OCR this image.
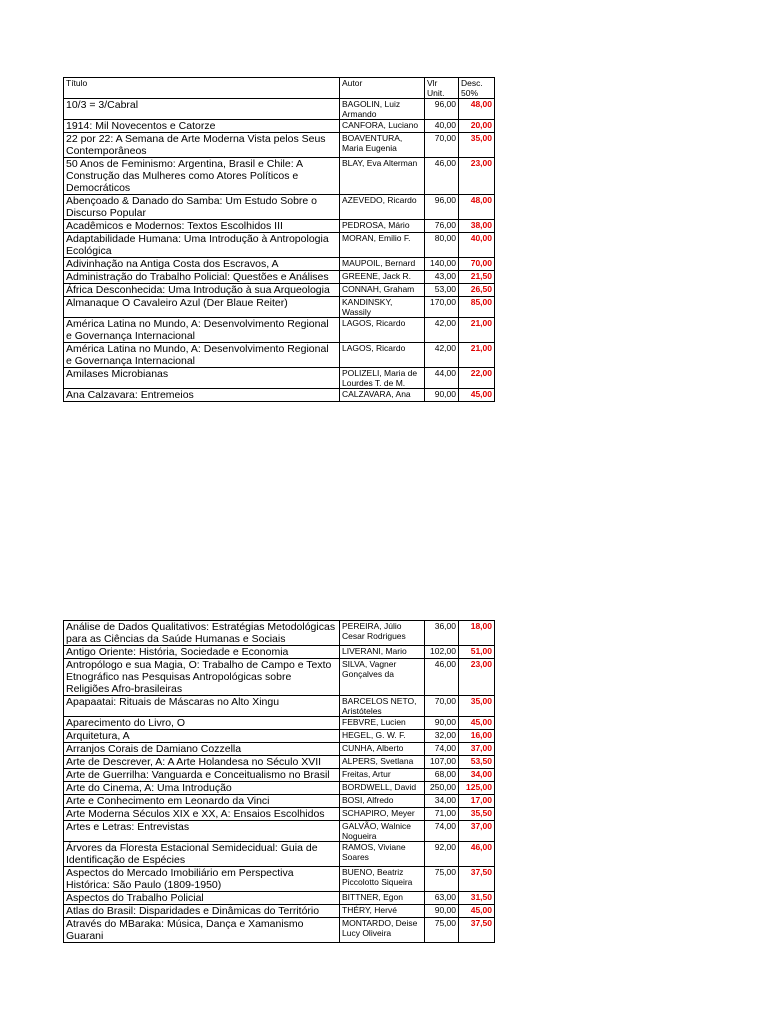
Título	Autor	Vlr Unit.	Desc. 50%
10/3 = 3/Cabral	BAGOLIN, Luiz Armando	96,00	48,00
1914: Mil Novecentos e Catorze	CANFORA, Luciano	40,00	20,00
22 por 22: A Semana de Arte Moderna Vista pelos Seus Contemporâneos	BOAVENTURA, Maria Eugenia	70,00	35,00
50 Anos de Feminismo: Argentina, Brasil e Chile: A Construção das Mulheres como Atores Políticos e Democráticos	BLAY, Eva Alterman	46,00	23,00
Abençoado & Danado do Samba: Um Estudo Sobre o Discurso Popular	AZEVEDO, Ricardo	96,00	48,00
Acadêmicos e Modernos: Textos Escolhidos III	PEDROSA, Mário	76,00	38,00
Adaptabilidade Humana: Uma Introdução à Antropologia Ecológica	MORAN, Emilio F.	80,00	40,00
Adivinhação na Antiga Costa dos Escravos, A	MAUPOIL, Bernard	140,00	70,00
Administração do Trabalho Policial: Questões e Análises	GREENE, Jack R.	43,00	21,50
África Desconhecida: Uma Introdução à sua Arqueologia	CONNAH, Graham	53,00	26,50
Almanaque O Cavaleiro Azul (Der Blaue Reiter)	KANDINSKY, Wassily	170,00	85,00
América Latina no Mundo, A: Desenvolvimento Regional e Governança Internacional	LAGOS, Ricardo	42,00	21,00
América Latina no Mundo, A: Desenvolvimento Regional e Governança Internacional	LAGOS, Ricardo	42,00	21,00
Amilases Microbianas	POLIZELI, Maria de Lourdes T. de M.	44,00	22,00
Ana Calzavara: Entremeios	CALZAVARA, Ana	90,00	45,00
Análise de Dados Qualitativos: Estratégias Metodológicas para as Ciências da Saúde Humanas e Sociais	PEREIRA, Júlio Cesar Rodrigues	36,00	18,00
Antigo Oriente: História, Sociedade e Economia	LIVERANI, Mario	102,00	51,00
Antropólogo e sua Magia, O: Trabalho de Campo e Texto Etnográfico nas Pesquisas Antropológicas sobre Religiões Afro-brasileiras	SILVA, Vagner Gonçalves da	46,00	23,00
Apapaatai: Rituais de Máscaras no Alto Xingu	BARCELOS NETO, Aristóteles	70,00	35,00
Aparecimento do Livro, O	FEBVRE, Lucien	90,00	45,00
Arquitetura, A	HEGEL, G. W. F.	32,00	16,00
Arranjos Corais de Damiano Cozzella	CUNHA, Alberto	74,00	37,00
Arte de Descrever, A: A Arte Holandesa no Século XVII	ALPERS, Svetlana	107,00	53,50
Arte de Guerrilha: Vanguarda e Conceitualismo no Brasil	Freitas, Artur	68,00	34,00
Arte do Cinema, A: Uma Introdução	BORDWELL, David	250,00	125,00
Arte e Conhecimento em Leonardo da Vinci	BOSI, Alfredo	34,00	17,00
Arte Moderna Séculos XIX e XX, A: Ensaios Escolhidos	SCHAPIRO, Meyer	71,00	35,50
Artes e Letras: Entrevistas	GALVÃO, Walnice Nogueira	74,00	37,00
Árvores da Floresta Estacional Semidecidual: Guia de Identificação de Espécies	RAMOS, Viviane Soares	92,00	46,00
Aspectos do Mercado Imobiliário em Perspectiva Histórica: São Paulo (1809-1950)	BUENO, Beatriz Piccolotto Siqueira	75,00	37,50
Aspectos do Trabalho Policial	BITTNER, Egon	63,00	31,50
Atlas do Brasil: Disparidades e Dinâmicas do Território	THÉRY, Hervé	90,00	45,00
Através do MBaraka: Música, Dança e Xamanismo Guarani	MONTARDO, Deise Lucy Oliveira	75,00	37,50
